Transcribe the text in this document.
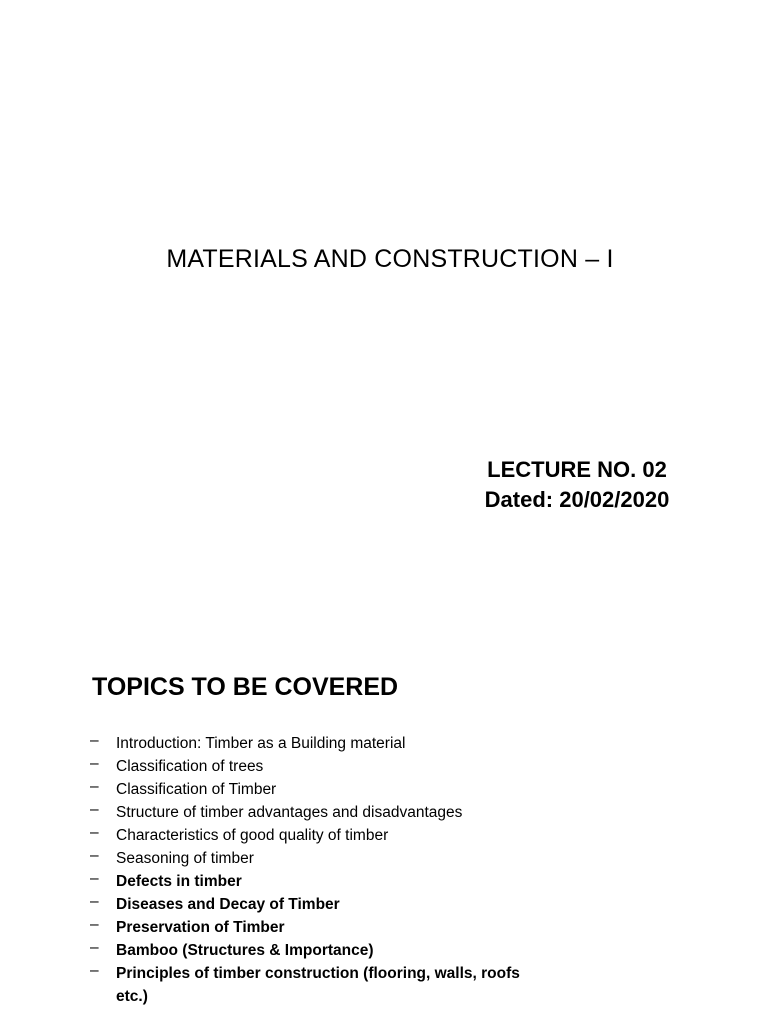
MATERIALS AND CONSTRUCTION – I
LECTURE NO. 02
Dated: 20/02/2020
TOPICS TO BE COVERED
– Introduction: Timber as a Building material
– Classification of trees
– Classification of Timber
– Structure of timber advantages and disadvantages
– Characteristics of good quality of timber
– Seasoning of timber
– Defects in timber
– Diseases and Decay of Timber
– Preservation of Timber
– Bamboo (Structures & Importance)
– Principles of timber construction (flooring, walls, roofs etc.)
